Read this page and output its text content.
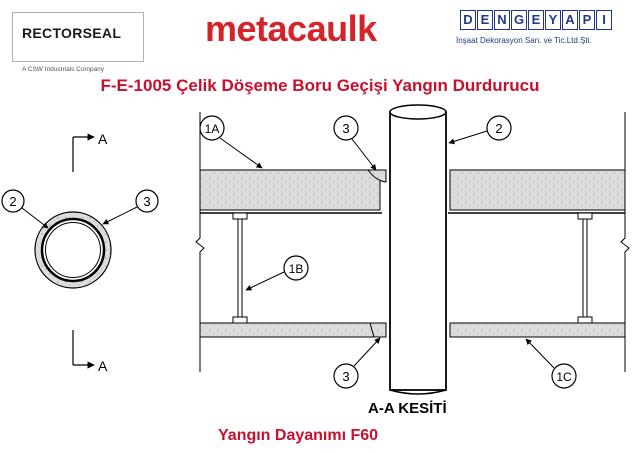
RECTORSEAL
A CSW Industrials Company
metacaulk	D E N G E Y A P I
İnşaat Dekorasyon San. ve Tic.Ltd.Şti.
F-E-1005 Çelik Döşeme Boru Geçişi Yangın Durdurucu
A
A
2	3
1A	3	2
1B
3	1C
A-A KESİTİ
Yangın Dayanımı F60
